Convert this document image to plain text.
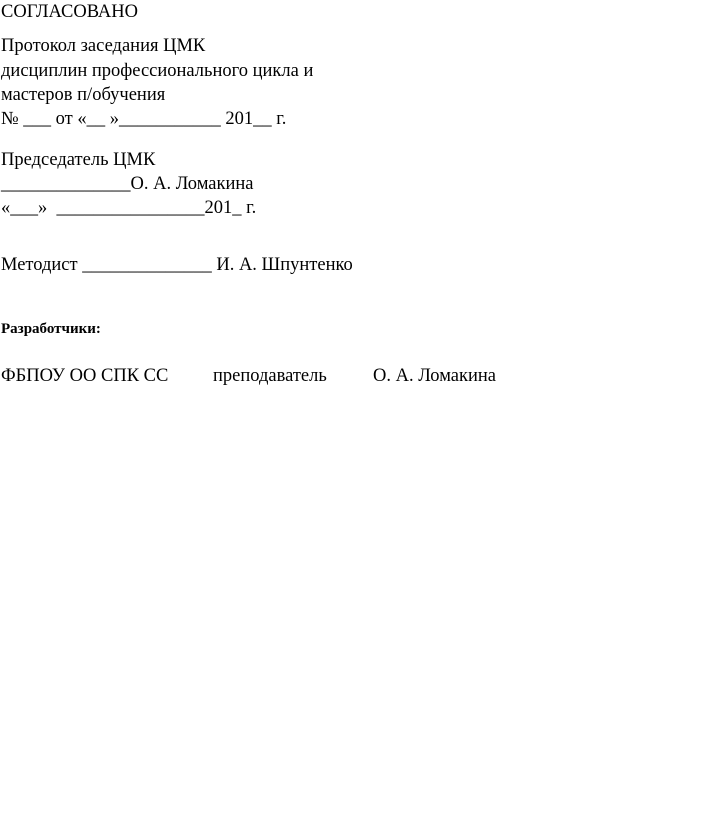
СОГЛАСОВАНО
Протокол заседания ЦМК
дисциплин профессионального цикла и
мастеров п/обучения
№ ___ от «__ »___________ 201__ г.
Председатель ЦМК
______________О. А. Ломакина
«___»  ________________201_ г.
Методист ______________ И. А. Шпунтенко
Разработчики:
ФБПОУ ОО СПК СС преподаватель О. А. Ломакина
